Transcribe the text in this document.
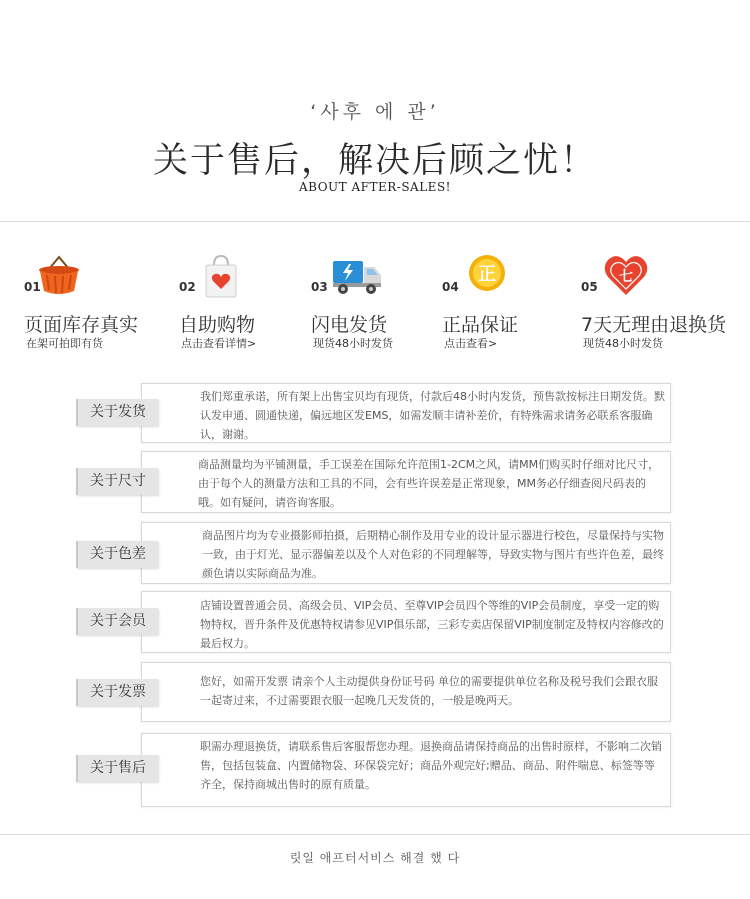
‘사후 에 관’
关于售后，解决后顾之忧！
ABOUT AFTER-SALES!
01
页面库存真实
在架可拍即有货
02
自助购物
点击查看详情>
03
闪电发货
现货48小时发货
04
正
正品保证
点击查看>
05
七
7天无理由退换货
现货48小时发货
关于发货
我们郑重承诺，所有架上出售宝贝均有现货，付款后48小时内发货，预售款按标注日期发货。默认发申通、圆通快递，偏远地区发EMS，如需发顺丰请补差价，有特殊需求请务必联系客服确认，谢谢。
关于尺寸
商品测量均为平铺测量，手工误差在国际允许范围1-2CM之风，请MM们购买时仔细对比尺寸，由于每个人的测量方法和工具的不同，会有些许误差是正常现象，MM务必仔细查阅尺码表的哦。如有疑问，请咨询客服。
关于色差
商品图片均为专业摄影师拍摄，后期精心制作及用专业的设计显示器进行校色，尽量保持与实物一致，由于灯光、显示器偏差以及个人对色彩的不同理解等，导致实物与图片有些许色差，最终颜色请以实际商品为准。
关于会员
店铺设置普通会员、高级会员、VIP会员、至尊VIP会员四个等维的VIP会员制度，享受一定的购物特权，晋升条件及优惠特权请参见VIP俱乐部，三彩专卖店保留VIP制度制定及特权内容修改的最后权力。
关于发票
您好，如需开发票 请亲个人主动提供身份证号码 单位的需要提供单位名称及税号我们会跟衣服一起寄过来，不过需要跟衣服一起晚几天发货的，一般是晚两天。
关于售后
职需办理退换货，请联系售后客服帮您办理。退换商品请保持商品的出售时原样，不影响二次销售，包括包装盒、内置储物袋、环保袋完好；商品外观完好;赠品、商品、附件喘息、标签等等齐全，保持商城出售时的原有质量。
릿일 애프터서비스 해결 했 다
